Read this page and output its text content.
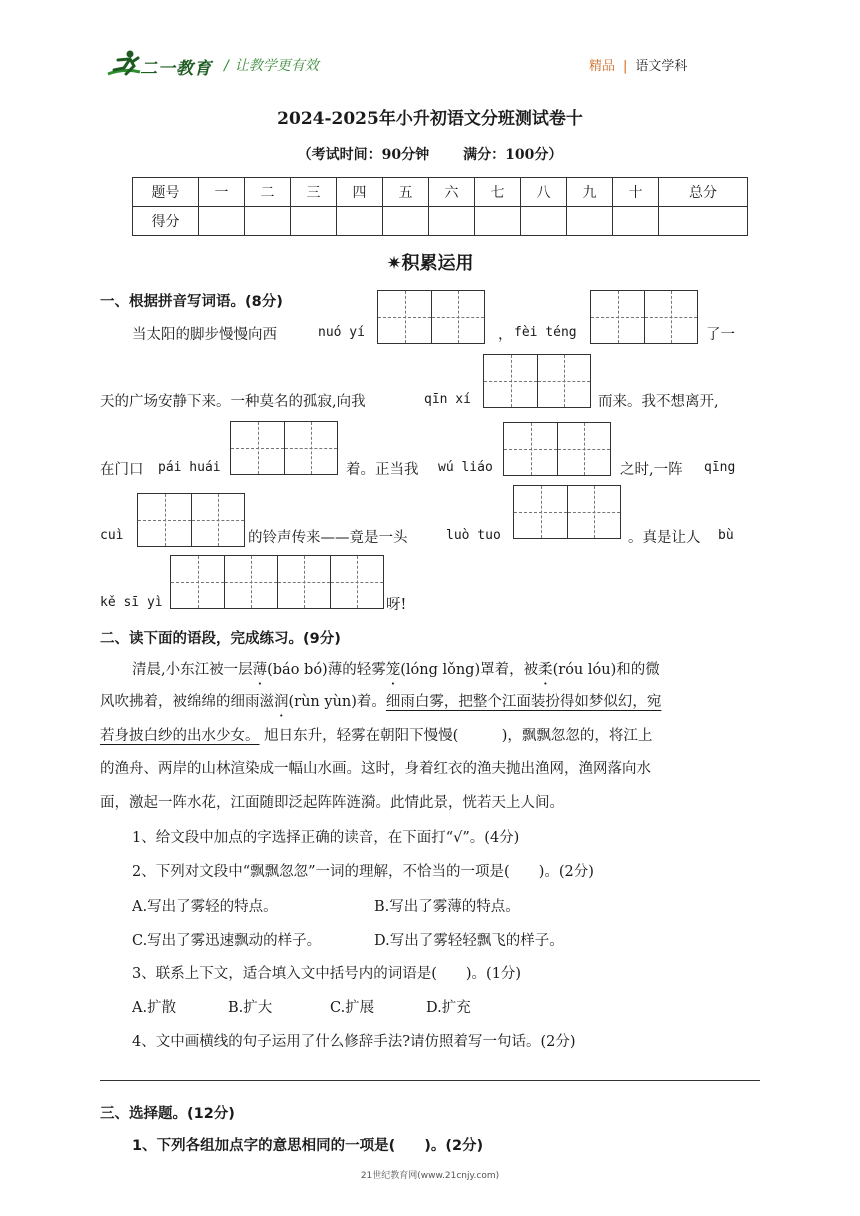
二一教育 / 让教学更有效	精品 | 语文学科
2024-2025年小升初语文分班测试卷十
（考试时间：90分钟 满分：100分）
题号	一	二	三	四	五	六	七	八	九	十	总分
得分											
✷积累运用
一、根据拼音写词语。(8分)
当太阳的脚步慢慢向西	nuó yí	， fèi téng	了一
天的广场安静下来。一种莫名的孤寂,向我	qīn xí	而来。我不想离开,
在门口 pái huái	着。正当我 wú liáo	之时,一阵 qīng
cuì	的铃声传来——竟是一头	luò tuo	。真是让人 bù
kě sī yì	呀!
二、读下面的语段，完成练习。(9分)
清晨,小东江被一层薄(báo bó)薄的轻雾笼(lóng lǒng)罩着，被柔(róu lóu)和的微
风吹拂着，被绵绵的细雨滋润(rùn yùn)着。细雨白雾，把整个江面装扮得如梦似幻，宛
若身披白纱的出水少女。 旭日东升，轻雾在朝阳下慢慢(　　　)，飘飘忽忽的，将江上
的渔舟、两岸的山林渲染成一幅山水画。这时，身着红衣的渔夫抛出渔网，渔网落向水
面，激起一阵水花，江面随即泛起阵阵涟漪。此情此景，恍若天上人间。
1、给文段中加点的字选择正确的读音，在下面打“√”。(4分)
2、下列对文段中“飘飘忽忽”一词的理解，不恰当的一项是(　　)。(2分)
A.写出了雾轻的特点。	B.写出了雾薄的特点。
C.写出了雾迅速飘动的样子。	D.写出了雾轻轻飘飞的样子。
3、联系上下文，适合填入文中括号内的词语是(　　)。(1分)
A.扩散	B.扩大	C.扩展	D.扩充
4、文中画横线的句子运用了什么修辞手法?请仿照着写一句话。(2分)
三、选择题。(12分)
1、下列各组加点字的意思相同的一项是(　　)。(2分)
21世纪教育网(www.21cnjy.com)
